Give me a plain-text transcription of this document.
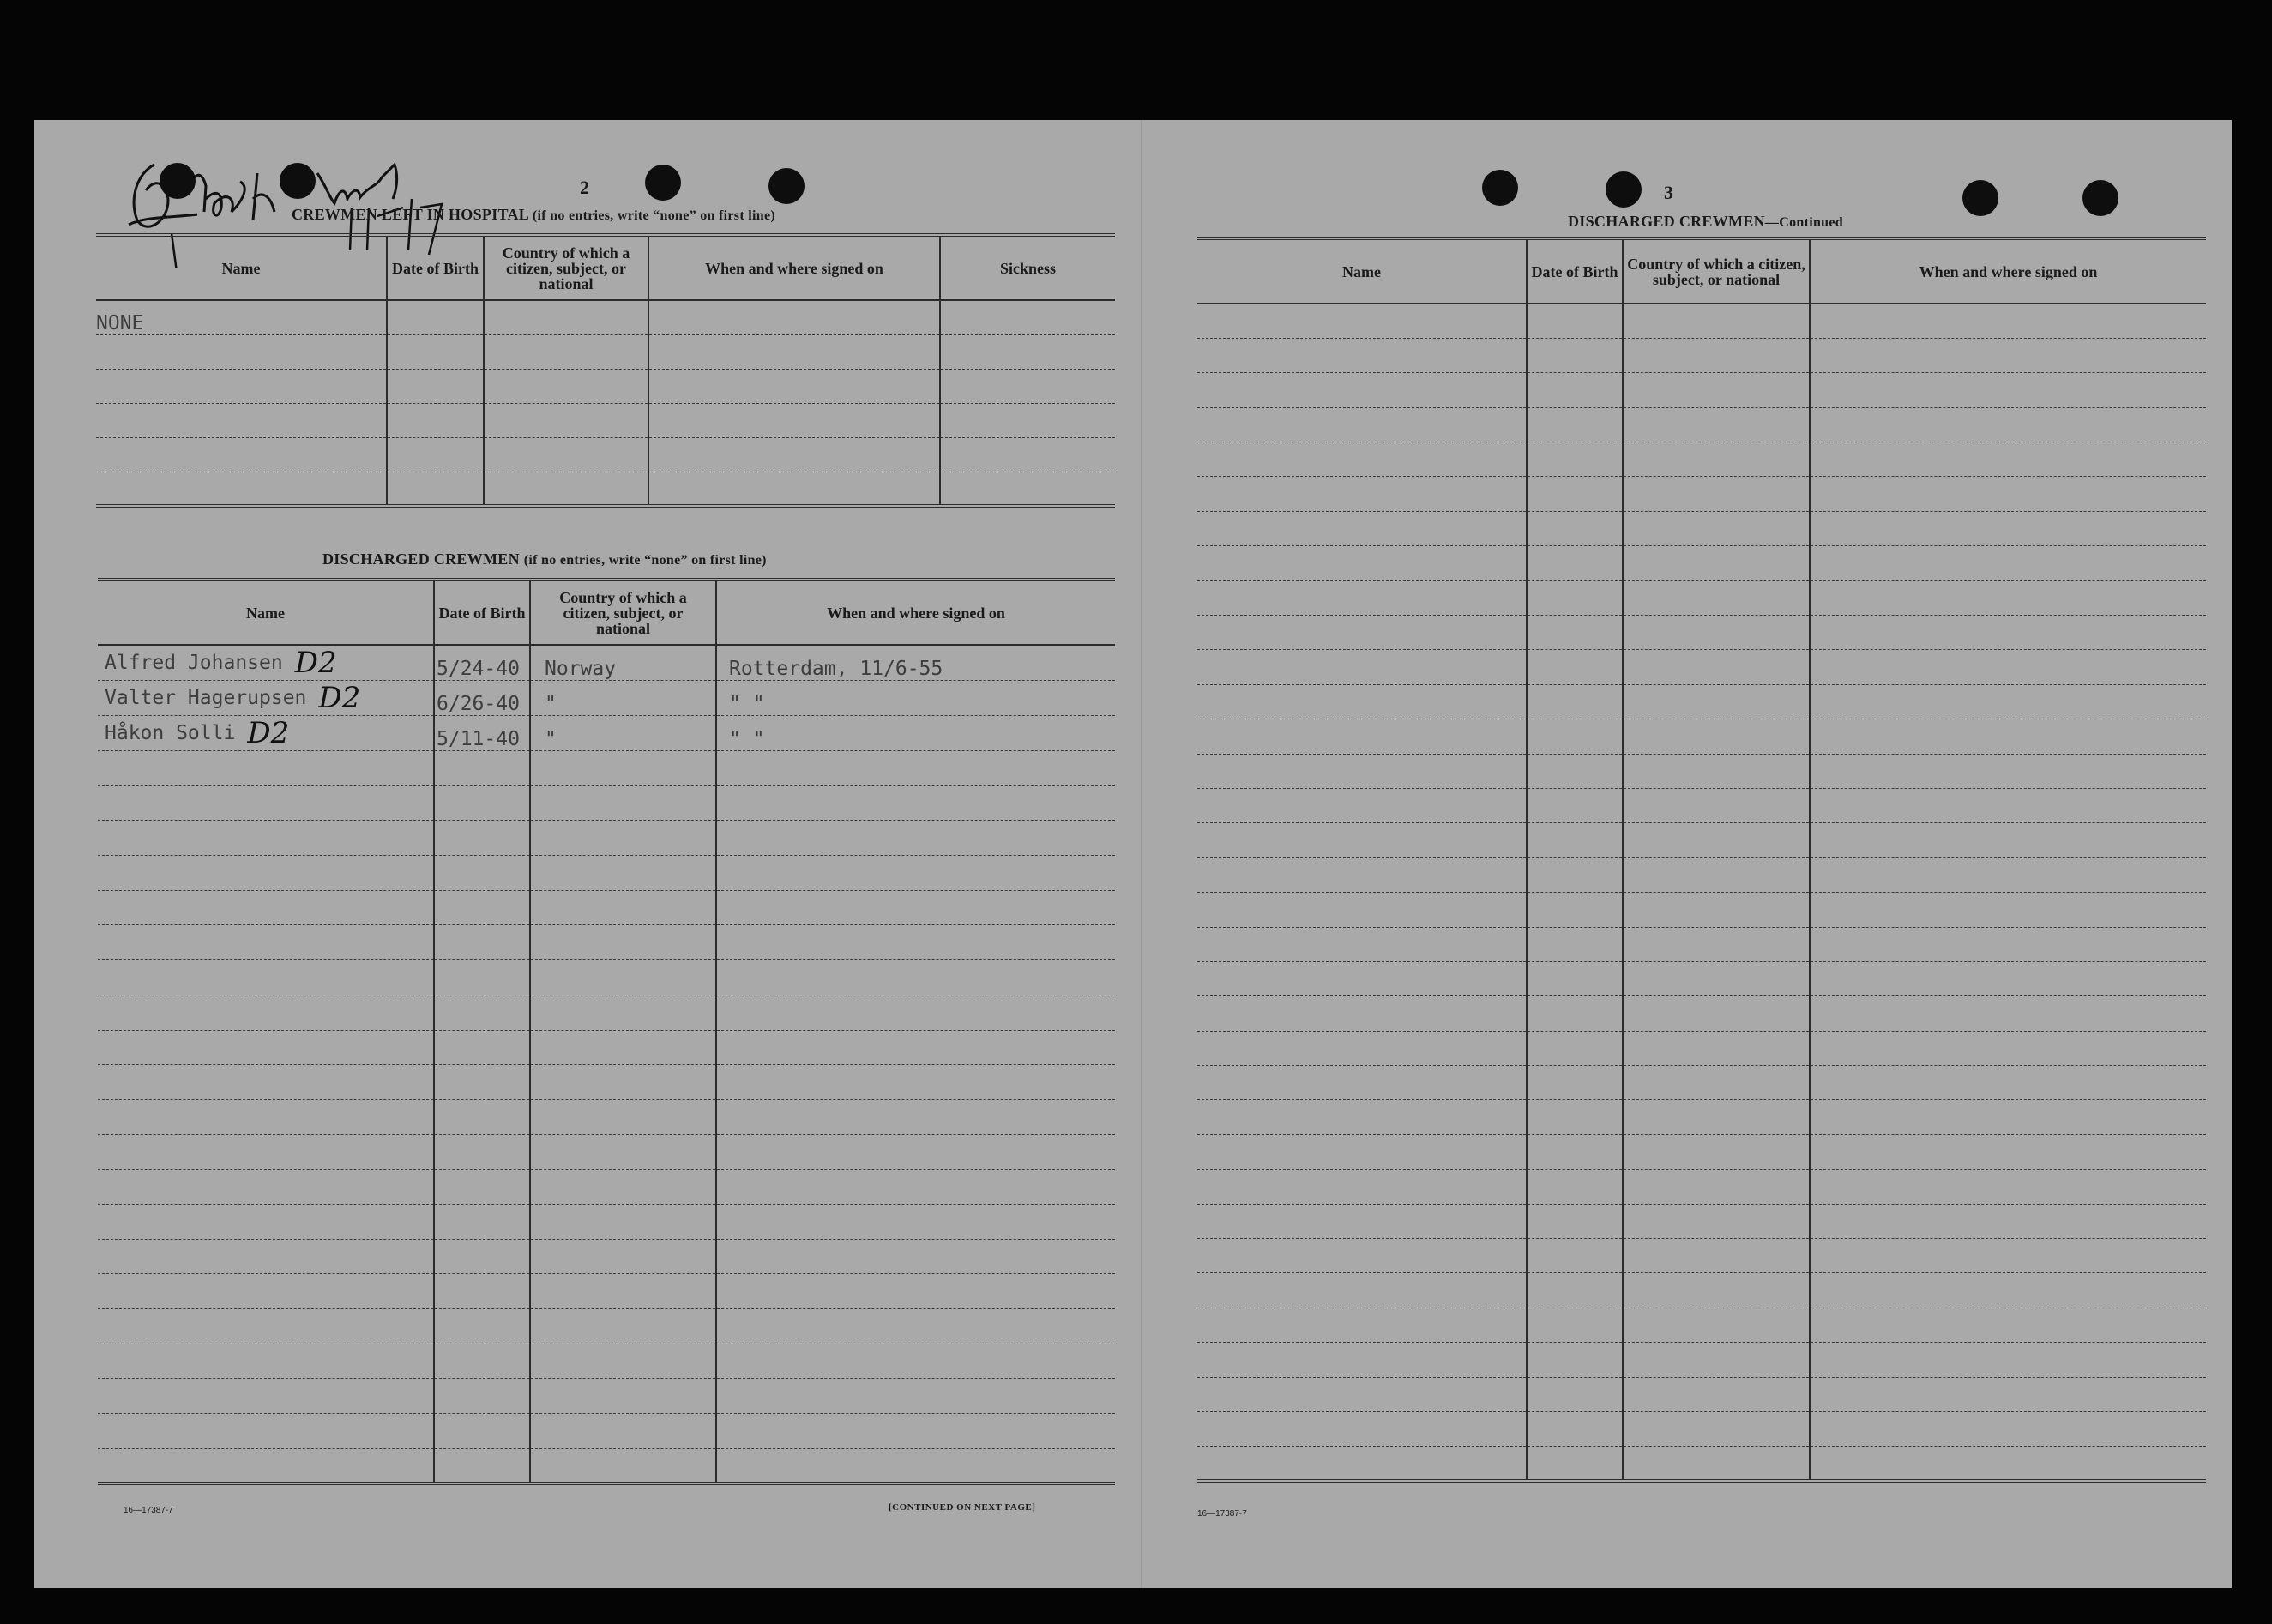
2
CREWMEN LEFT IN HOSPITAL (if no entries, write “none” on first line)
Name	Date of Birth	Country of which a citizen, subject, or national	When and where signed on	Sickness
NONE				

DISCHARGED CREWMEN (if no entries, write “none” on first line)
Name	Date of Birth	Country of which a citizen, subject, or national	When and where signed on
Alfred Johansen D2	5/24-40	Norway	Rotterdam, 11/6-55
Valter Hagerupsen D2	6/26-40	"	" "
Håkon Solli D2	5/11-40	"	" "

16—17387-7	[CONTINUED ON NEXT PAGE]
3
DISCHARGED CREWMEN—Continued
Name	Date of Birth	Country of which a citizen, subject, or national	When and where signed on

16—17387-7
